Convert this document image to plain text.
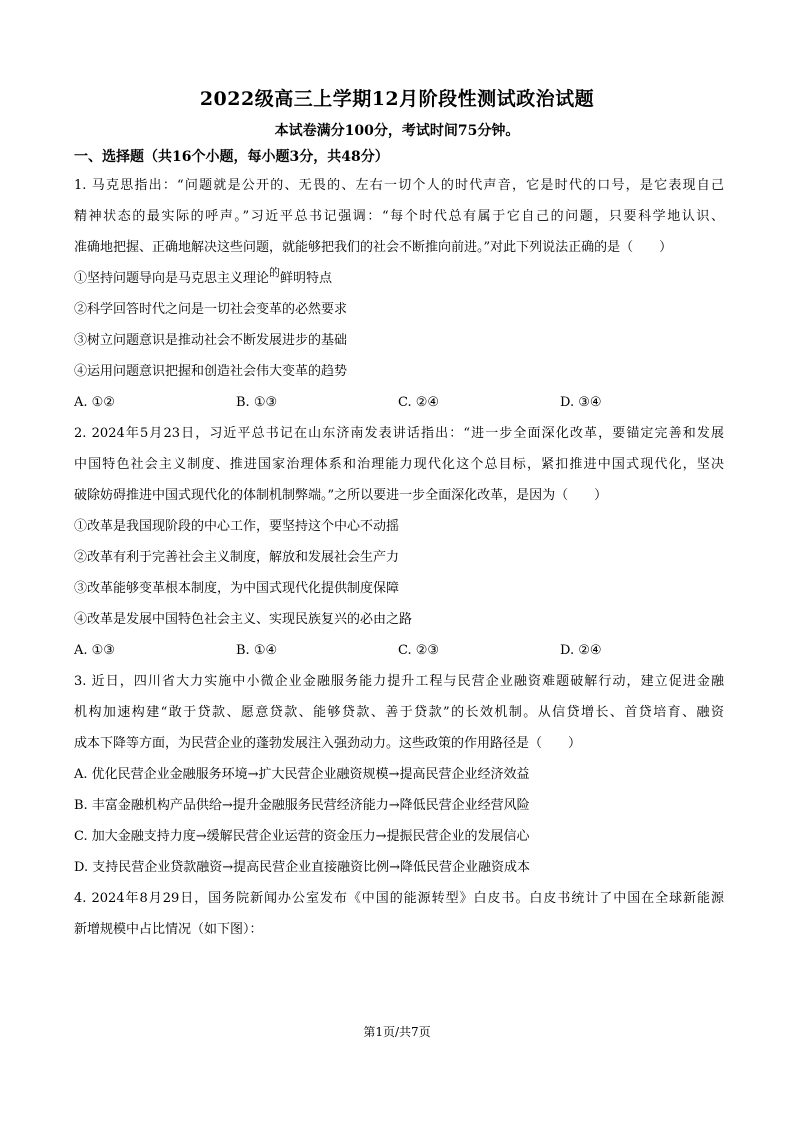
2022级高三上学期12月阶段性测试政治试题
本试卷满分100分，考试时间75分钟。
一、选择题（共16个小题，每小题3分，共48分）
1. 马克思指出：“问题就是公开的、无畏的、左右一切个人的时代声音，它是时代的口号，是它表现自己
精神状态的最实际的呼声。”习近平总书记强调：“每个时代总有属于它自己的问题，只要科学地认识、
准确地把握、正确地解决这些问题，就能够把我们的社会不断推向前进。”对此下列说法正确的是（　　）
①坚持问题导向是马克思主义理论$^的$鲜明特点
②科学回答时代之问是一切社会变革的必然要求
③树立问题意识是推动社会不断发展进步的基础
④运用问题意识把握和创造社会伟大变革的趋势
A. ①②	B. ①③	C. ②④	D. ③④
2. 2024年5月23日，习近平总书记在山东济南发表讲话指出：“进一步全面深化改革，要锚定完善和发展
中国特色社会主义制度、推进国家治理体系和治理能力现代化这个总目标，紧扣推进中国式现代化，坚决
破除妨碍推进中国式现代化的体制机制弊端。”之所以要进一步全面深化改革，是因为（　　）
①改革是我国现阶段的中心工作，要坚持这个中心不动摇
②改革有利于完善社会主义制度，解放和发展社会生产力
③改革能够变革根本制度，为中国式现代化提供制度保障
④改革是发展中国特色社会主义、实现民族复兴的必由之路
A. ①③	B. ①④	C. ②③	D. ②④
3. 近日，四川省大力实施中小微企业金融服务能力提升工程与民营企业融资难题破解行动，建立促进金融
机构加速构建“敢于贷款、愿意贷款、能够贷款、善于贷款”的长效机制。从信贷增长、首贷培育、融资
成本下降等方面，为民营企业的蓬勃发展注入强劲动力。这些政策的作用路径是（　　）
A. 优化民营企业金融服务环境→扩大民营企业融资规模→提高民营企业经济效益
B. 丰富金融机构产品供给→提升金融服务民营经济能力→降低民营企业经营风险
C. 加大金融支持力度→缓解民营企业运营的资金压力→提振民营企业的发展信心
D. 支持民营企业贷款融资→提高民营企业直接融资比例→降低民营企业融资成本
4. 2024年8月29日，国务院新闻办公室发布《中国的能源转型》白皮书。白皮书统计了中国在全球新能源
新增规模中占比情况（如下图）：
第1页/共7页
